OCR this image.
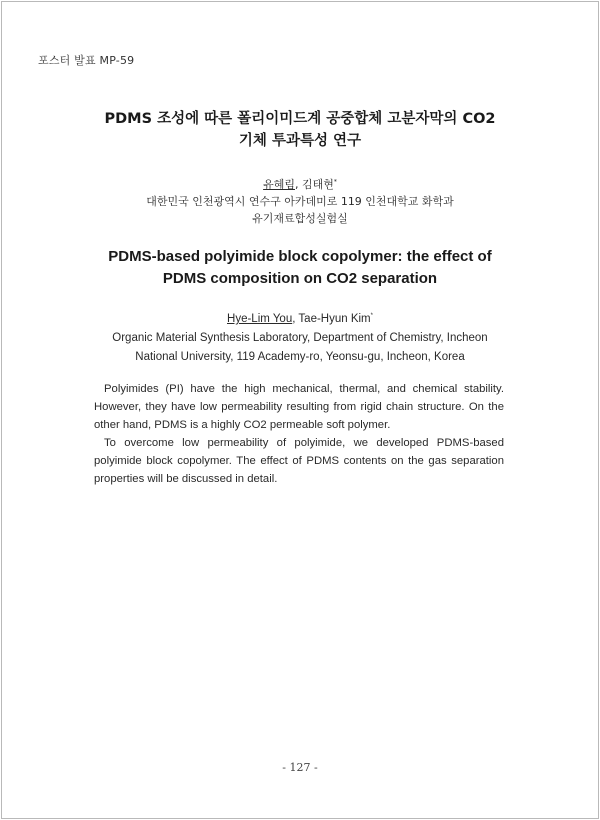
포스터 발표 MP-59
PDMS 조성에 따른 폴리이미드계 공중합체 고분자막의 CO2
기체 투과특성 연구
유혜림, 김태현*
대한민국 인천광역시 연수구 아카데미로 119 인천대학교 화학과
유기재료합성실험실
PDMS-based polyimide block copolymer: the effect of
PDMS composition on CO2 separation
Hye-Lim You, Tae-Hyun Kim*
Organic Material Synthesis Laboratory, Department of Chemistry, Incheon
National University, 119 Academy-ro, Yeonsu-gu, Incheon, Korea

Polyimides (PI) have the high mechanical, thermal, and chemical stability. However, they have low permeability resulting from rigid chain structure. On the other hand, PDMS is a highly CO2 permeable soft polymer.

To overcome low permeability of polyimide, we developed PDMS-based polyimide block copolymer. The effect of PDMS contents on the gas separation properties will be discussed in detail.

- 127 -
